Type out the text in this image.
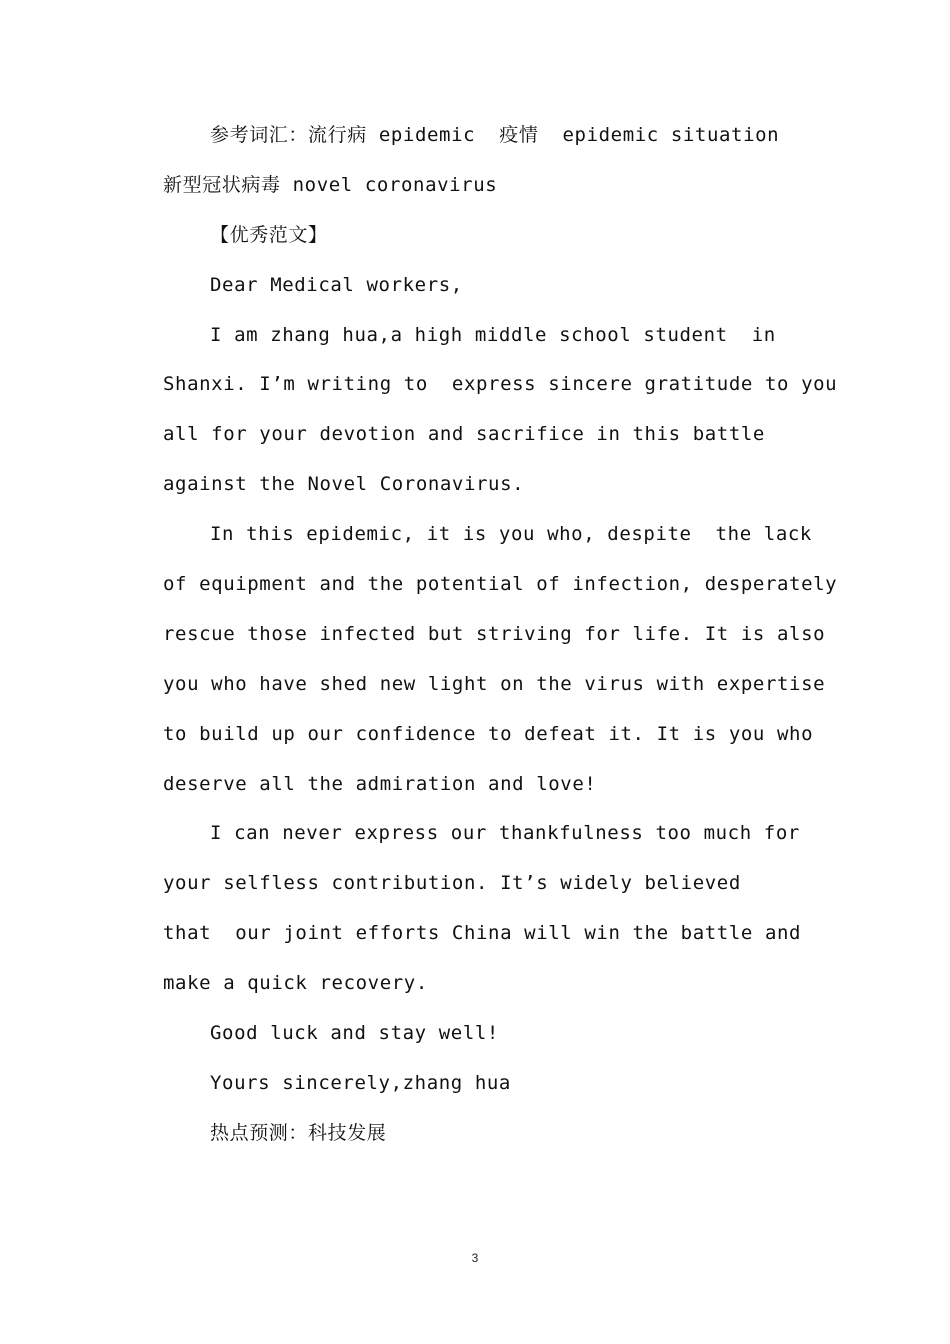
参考词汇：流行病 epidemic  疫情  epidemic situation
新型冠状病毒 novel coronavirus
【优秀范文】
Dear Medical workers,
I am zhang hua,a high middle school student  in
Shanxi. I’m writing to  express sincere gratitude to you
all for your devotion and sacrifice in this battle
against the Novel Coronavirus.
In this epidemic, it is you who, despite  the lack
of equipment and the potential of infection, desperately
rescue those infected but striving for life. It is also
you who have shed new light on the virus with expertise
to build up our confidence to defeat it. It is you who
deserve all the admiration and love!
I can never express our thankfulness too much for
your selfless contribution. It’s widely believed
that  our joint efforts China will win the battle and
make a quick recovery.
Good luck and stay well!
Yours sincerely,zhang hua
热点预测：科技发展
3
